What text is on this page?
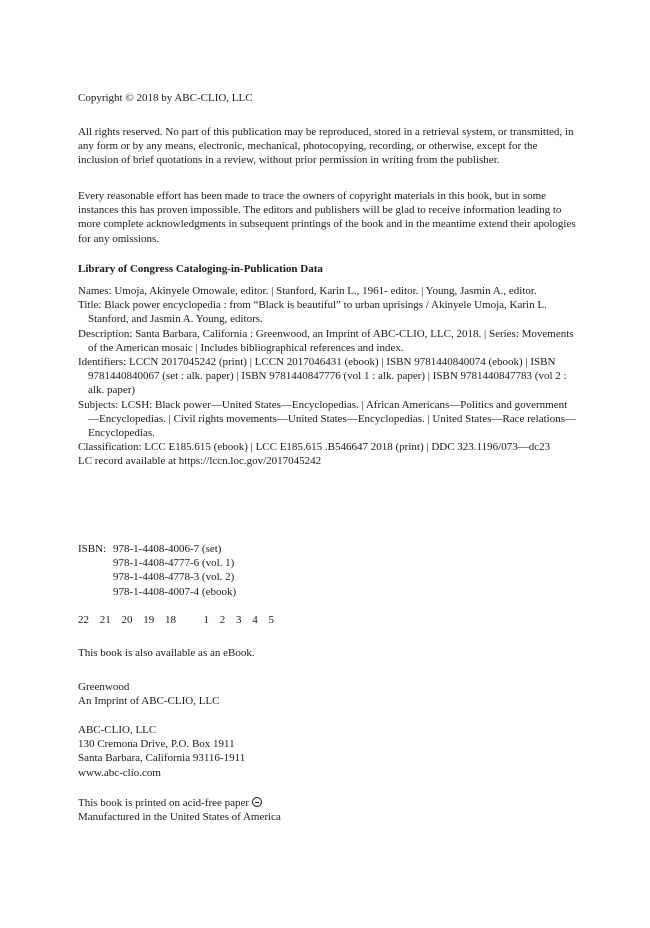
Copyright © 2018 by ABC-CLIO, LLC

All rights reserved. No part of this publication may be reproduced, stored in a retrieval system, or transmitted, in any form or by any means, electronic, mechanical, photocopying, recording, or otherwise, except for the inclusion of brief quotations in a review, without prior permission in writing from the publisher.

Every reasonable effort has been made to trace the owners of copyright materials in this book, but in some instances this has proven impossible. The editors and publishers will be glad to receive information leading to more complete acknowledgments in subsequent printings of the book and in the meantime extend their apologies for any omissions.

Library of Congress Cataloging-in-Publication Data

Names: Umoja, Akinyele Omowale, editor. | Stanford, Karin L., 1961- editor. | Young, Jasmin A., editor.

Title: Black power encyclopedia : from “Black is beautiful” to urban uprisings / Akinyele Umoja, Karin L. Stanford, and Jasmin A. Young, editors.

Description: Santa Barbara, California : Greenwood, an Imprint of ABC-CLIO, LLC, 2018. | Series: Movements of the American mosaic | Includes bibliographical references and index.

Identifiers: LCCN 2017045242 (print) | LCCN 2017046431 (ebook) | ISBN 9781440840074 (ebook) | ISBN 9781440840067 (set : alk. paper) | ISBN 9781440847776 (vol 1 : alk. paper) | ISBN 9781440847783 (vol 2 : alk. paper)

Subjects: LCSH: Black power—United States—Encyclopedias. | African Americans—Politics and government—Encyclopedias. | Civil rights movements—United States—Encyclopedias. | United States—Race relations—Encyclopedias.

Classification: LCC E185.615 (ebook) | LCC E185.615 .B546647 2018 (print) | DDC 323.1196/073—dc23

LC record available at https://lccn.loc.gov/2017045242

ISBN: 978-1-4408-4006-7 (set)
978-1-4408-4777-6 (vol. 1)
978-1-4408-4778-3 (vol. 2)
978-1-4408-4007-4 (ebook)

22 21 20 19 18	1 2 3 4 5

This book is also available as an eBook.

Greenwood

An Imprint of ABC-CLIO, LLC

ABC-CLIO, LLC

130 Cremona Drive, P.O. Box 1911

Santa Barbara, California 93116-1911

www.abc-clio.com

This book is printed on acid-free paper

Manufactured in the United States of America
